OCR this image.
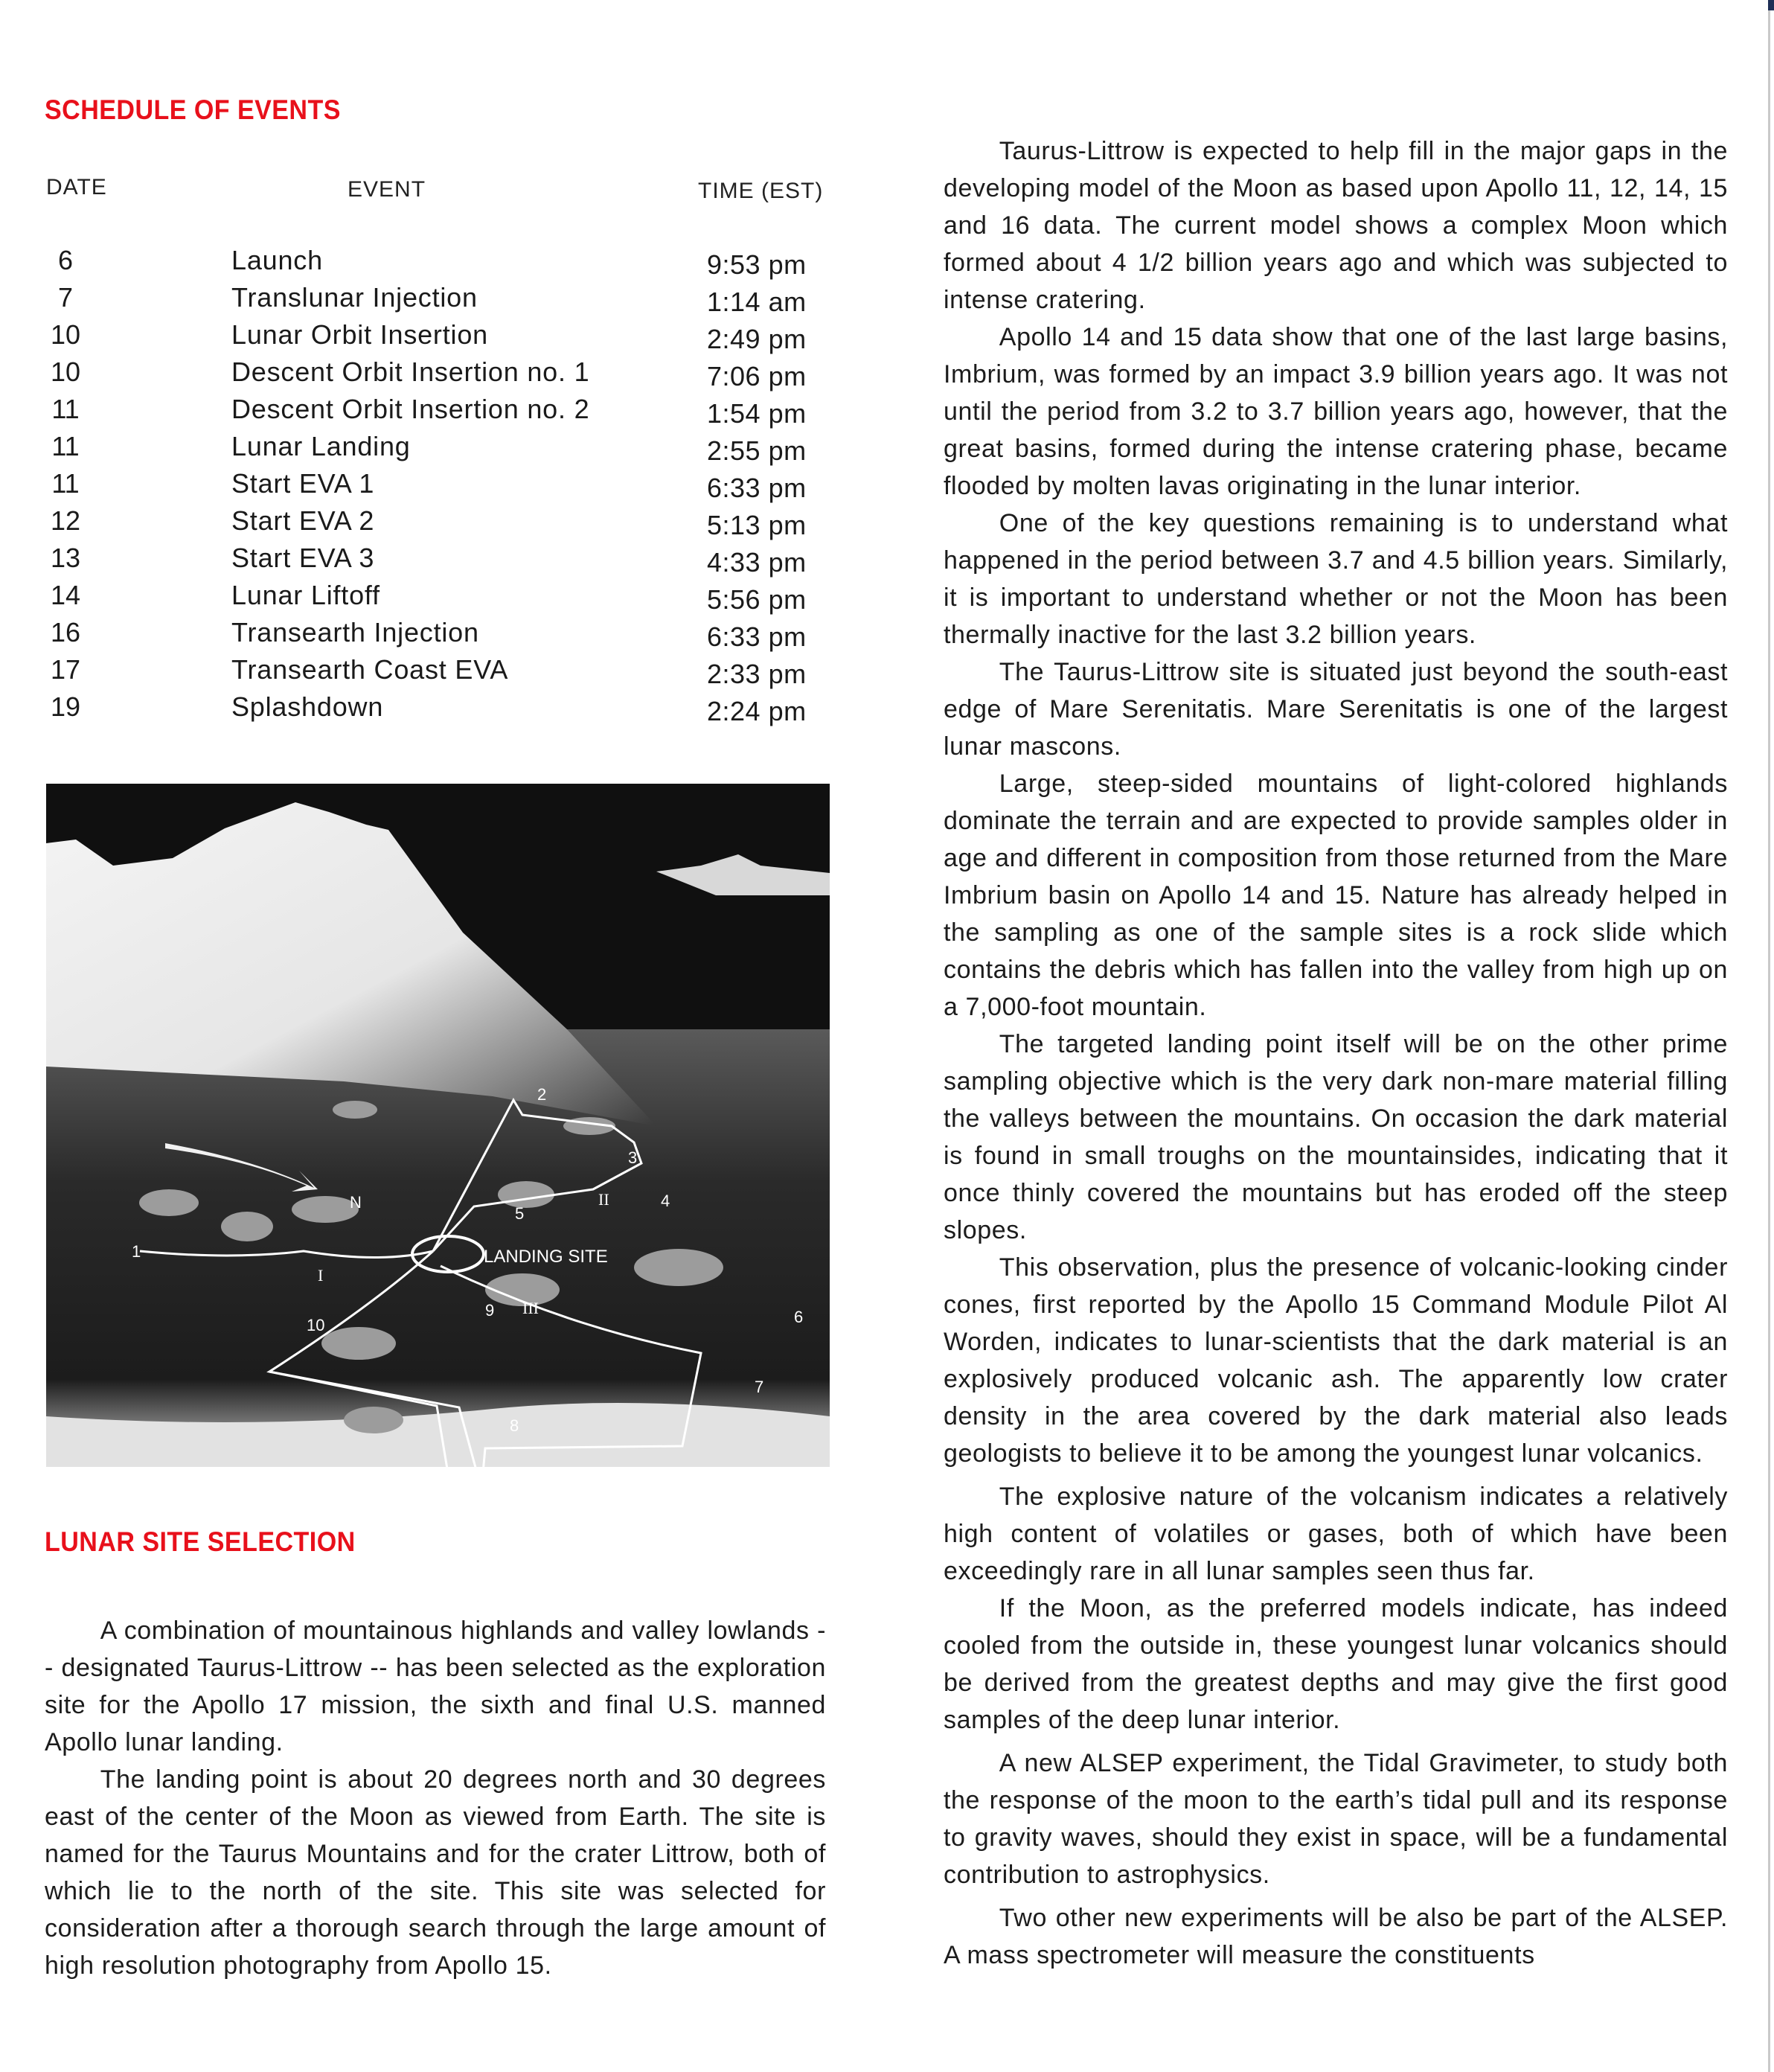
SCHEDULE OF EVENTS
DATE	EVENT	TIME (EST)
6	Launch	9:53 pm
7	Translunar Injection	1:14 am
10	Lunar Orbit Insertion	2:49 pm
10	Descent Orbit Insertion no. 1	7:06 pm
11	Descent Orbit Insertion no. 2	1:54 pm
11	Lunar Landing	2:55 pm
11	Start EVA 1	6:33 pm
12	Start EVA 2	5:13 pm
13	Start EVA 3	4:33 pm
14	Lunar Liftoff	5:56 pm
16	Transearth Injection	6:33 pm
17	Transearth Coast EVA	2:33 pm
19	Splashdown	2:24 pm
N
LANDING SITE
1
2
3
4
5
6
7
8
9
10
I
II
III
LUNAR SITE SELECTION

A combination of mountainous highlands and valley lowlands -- designated Taurus-Littrow -- has been selected as the exploration site for the Apollo 17 mission, the sixth and final U.S. manned Apollo lunar landing.

The landing point is about 20 degrees north and 30 degrees east of the center of the Moon as viewed from Earth. The site is named for the Taurus Mountains and for the crater Littrow, both of which lie to the north of the site. This site was selected for consideration after a thorough search through the large amount of high resolution photography from Apollo 15.

Taurus-Littrow is expected to help fill in the major gaps in the developing model of the Moon as based upon Apollo 11, 12, 14, 15 and 16 data. The current model shows a complex Moon which formed about 4 1/2 billion years ago and which was subjected to intense cratering.

Apollo 14 and 15 data show that one of the last large basins, Imbrium, was formed by an impact 3.9 billion years ago. It was not until the period from 3.2 to 3.7 billion years ago, however, that the great basins, formed during the intense cratering phase, became flooded by molten lavas originating in the lunar interior.

One of the key questions remaining is to understand what happened in the period between 3.7 and 4.5 billion years. Similarly, it is important to understand whether or not the Moon has been thermally inactive for the last 3.2 billion years.

The Taurus-Littrow site is situated just beyond the south-east edge of Mare Serenitatis. Mare Serenitatis is one of the largest lunar mascons.

Large, steep-sided mountains of light-colored highlands dominate the terrain and are expected to provide samples older in age and different in composition from those returned from the Mare Imbrium basin on Apollo 14 and 15. Nature has already helped in the sampling as one of the sample sites is a rock slide which contains the debris which has fallen into the valley from high up on a 7,000-foot mountain.

The targeted landing point itself will be on the other prime sampling objective which is the very dark non-mare material filling the valleys between the mountains. On occasion the dark material is found in small troughs on the mountainsides, indicating that it once thinly covered the mountains but has eroded off the steep slopes.

This observation, plus the presence of volcanic-looking cinder cones, first reported by the Apollo 15 Command Module Pilot Al Worden, indicates to lunar-scientists that the dark material is an explosively produced volcanic ash. The apparently low crater density in the area covered by the dark material also leads geologists to believe it to be among the youngest lunar volcanics.

The explosive nature of the volcanism indicates a relatively high content of volatiles or gases, both of which have been exceedingly rare in all lunar samples seen thus far.

If the Moon, as the preferred models indicate, has indeed cooled from the outside in, these youngest lunar volcanics should be derived from the greatest depths and may give the first good samples of the deep lunar interior.

A new ALSEP experiment, the Tidal Gravimeter, to study both the response of the moon to the earth’s tidal pull and its response to gravity waves, should they exist in space, will be a fundamental contribution to astrophysics.

Two other new experiments will be also be part of the ALSEP. A mass spectrometer will measure the constituents
